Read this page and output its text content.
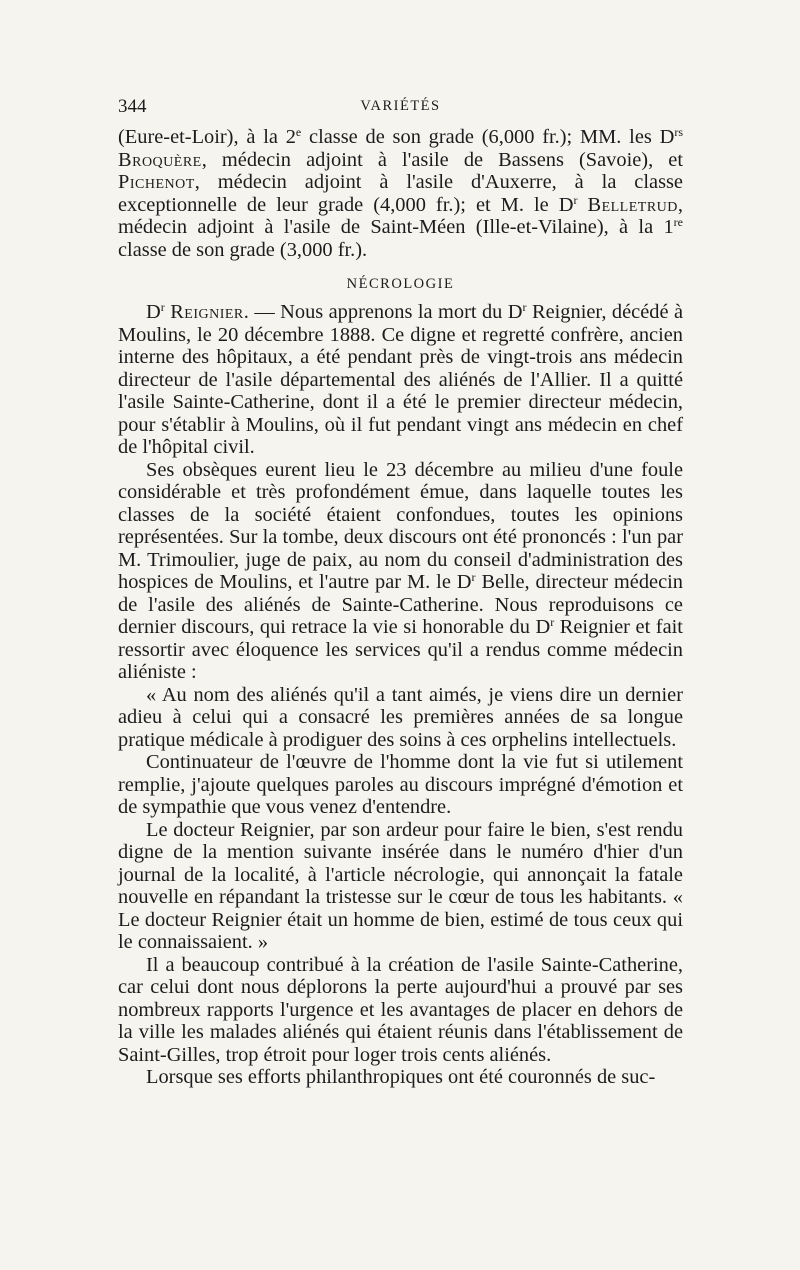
344	VARIÉTÉS

(Eure-et-Loir), à la 2e classe de son grade (6,000 fr.); MM. les $D^{rs}$ Broquère, médecin adjoint à l'asile de Bassens (Savoie), et Pichenot, médecin adjoint à l'asile d'Auxerre, à la classe exceptionnelle de leur grade (4,000 fr.); et M. le $D^r$ Belletrud, médecin adjoint à l'asile de Saint-Méen (Ille-et-Vilaine), à la 1re classe de son grade (3,000 fr.).

NÉCROLOGIE

$D^r$ Reignier. — Nous apprenons la mort du $D^r$ Reignier, décédé à Moulins, le 20 décembre 1888. Ce digne et regretté confrère, ancien interne des hôpitaux, a été pendant près de vingt-trois ans médecin directeur de l'asile départemental des aliénés de l'Allier. Il a quitté l'asile Sainte-Catherine, dont il a été le premier directeur médecin, pour s'établir à Moulins, où il fut pendant vingt ans médecin en chef de l'hôpital civil.

Ses obsèques eurent lieu le 23 décembre au milieu d'une foule considérable et très profondément émue, dans laquelle toutes les classes de la société étaient confondues, toutes les opinions représentées. Sur la tombe, deux discours ont été prononcés : l'un par M. Trimoulier, juge de paix, au nom du conseil d'administration des hospices de Moulins, et l'autre par M. le $D^r$ Belle, directeur médecin de l'asile des aliénés de Sainte-Catherine. Nous reproduisons ce dernier discours, qui retrace la vie si honorable du $D^r$ Reignier et fait ressortir avec éloquence les services qu'il a rendus comme médecin aliéniste :

« Au nom des aliénés qu'il a tant aimés, je viens dire un dernier adieu à celui qui a consacré les premières années de sa longue pratique médicale à prodiguer des soins à ces orphelins intellectuels.

Continuateur de l'œuvre de l'homme dont la vie fut si utilement remplie, j'ajoute quelques paroles au discours imprégné d'émotion et de sympathie que vous venez d'entendre.

Le docteur Reignier, par son ardeur pour faire le bien, s'est rendu digne de la mention suivante insérée dans le numéro d'hier d'un journal de la localité, à l'article nécrologie, qui annonçait la fatale nouvelle en répandant la tristesse sur le cœur de tous les habitants. « Le docteur Reignier était un homme de bien, estimé de tous ceux qui le connaissaient. »

Il a beaucoup contribué à la création de l'asile Sainte-Catherine, car celui dont nous déplorons la perte aujourd'hui a prouvé par ses nombreux rapports l'urgence et les avantages de placer en dehors de la ville les malades aliénés qui étaient réunis dans l'établissement de Saint-Gilles, trop étroit pour loger trois cents aliénés.

Lorsque ses efforts philanthropiques ont été couronnés de suc-
